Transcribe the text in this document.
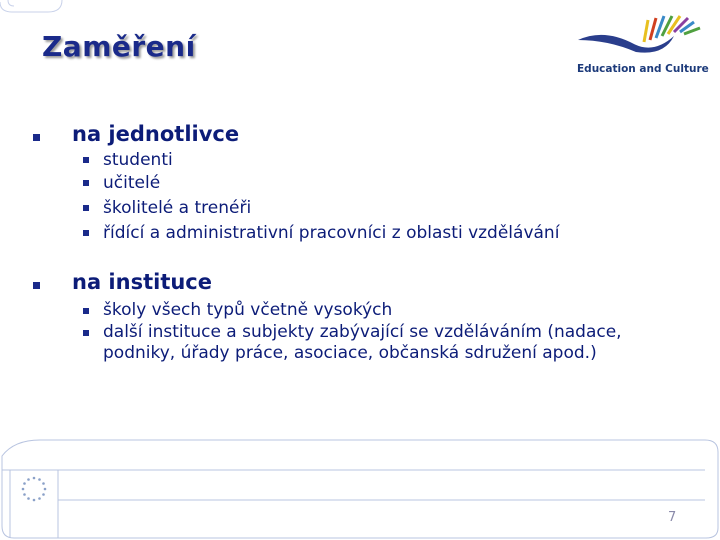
Zaměření
Education and Culture
na jednotlivce
studenti
učitelé
školitelé a trenéři
řídící a administrativní pracovníci z oblasti vzdělávání
na instituce
školy všech typů včetně vysokých
další instituce a subjekty zabývající se vzděláváním (nadace,
podniky, úřady práce, asociace, občanská sdružení apod.)
7
